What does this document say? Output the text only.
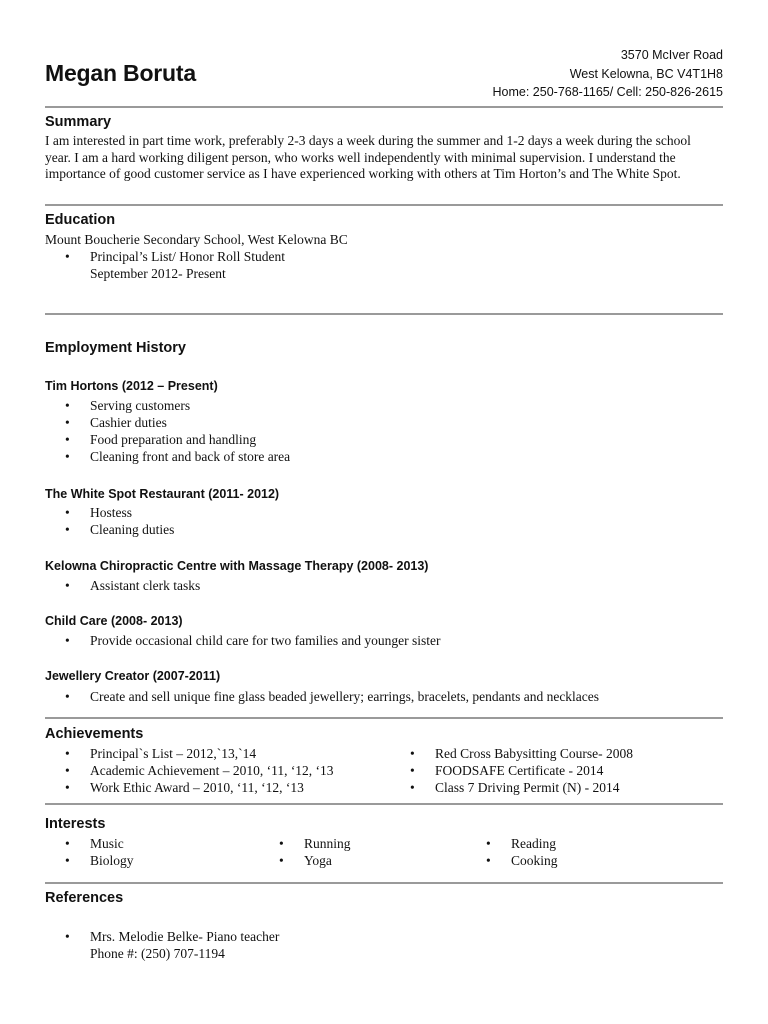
Megan Boruta
3570 McIver Road
West Kelowna, BC V4T1H8
Home: 250-768-1165/ Cell: 250-826-2615
Summary
I am interested in part time work, preferably 2-3 days a week during the summer and 1-2 days a week during the school
year. I am a hard working diligent person, who works well independently with minimal supervision. I understand the
importance of good customer service as I have experienced working with others at Tim Horton’s and The White Spot.
Education
Mount Boucherie Secondary School, West Kelowna BC
• Principal’s List/ Honor Roll Student
September 2012- Present
Employment History
Tim Hortons (2012 – Present)
• Serving customers
• Cashier duties
• Food preparation and handling
• Cleaning front and back of store area
The White Spot Restaurant (2011- 2012)
• Hostess
• Cleaning duties
Kelowna Chiropractic Centre with Massage Therapy (2008- 2013)
• Assistant clerk tasks
Child Care (2008- 2013)
• Provide occasional child care for two families and younger sister
Jewellery Creator (2007-2011)
• Create and sell unique fine glass beaded jewellery; earrings, bracelets, pendants and necklaces
Achievements
• Principal`s List – 2012,`13,`14
• Academic Achievement – 2010, ‘11, ‘12, ‘13
• Work Ethic Award – 2010, ‘11, ‘12, ‘13
• Red Cross Babysitting Course- 2008
• FOODSAFE Certificate - 2014
• Class 7 Driving Permit (N) - 2014
Interests
• Music
• Biology
• Running
• Yoga
• Reading
• Cooking
References
• Mrs. Melodie Belke- Piano teacher
Phone #: (250) 707-1194
